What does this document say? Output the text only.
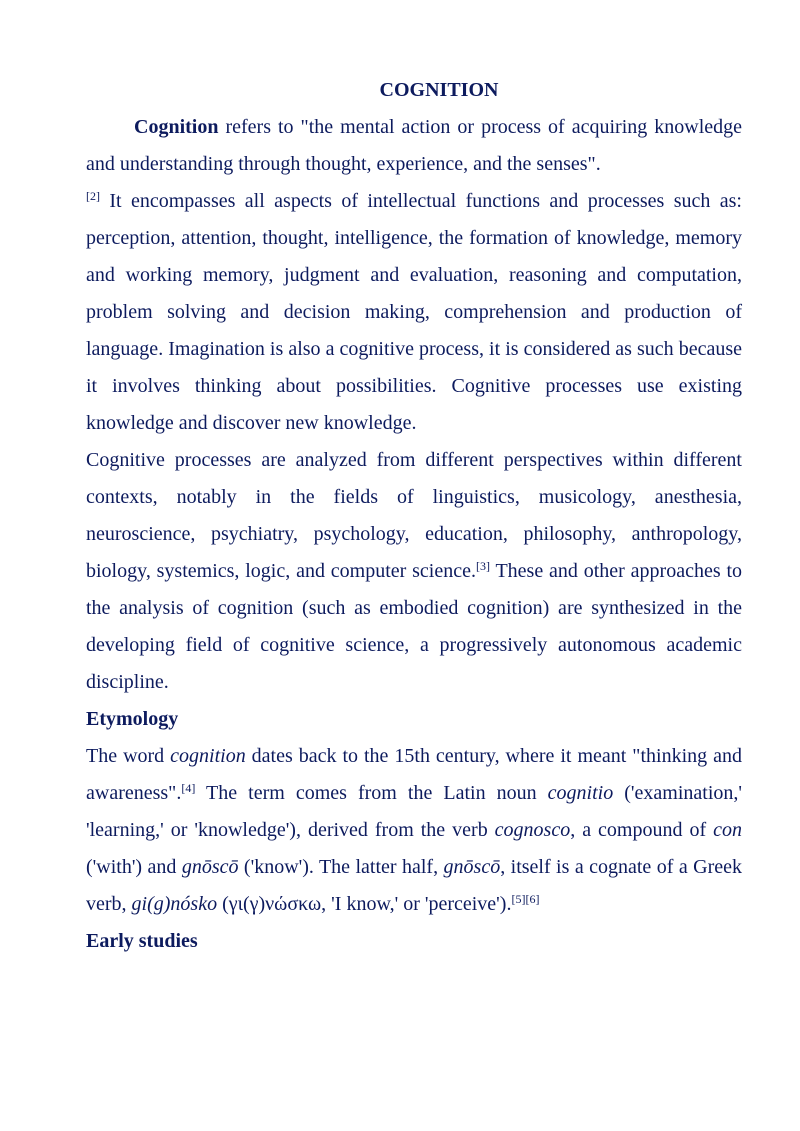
COGNITION

Cognition refers to "the mental action or process of acquiring knowledge and understanding through thought, experience, and the senses".
[2] It encompasses all aspects of intellectual functions and processes such as: perception, attention, thought, intelligence, the formation of knowledge, memory and working memory, judgment and evaluation, reasoning and computation, problem solving and decision making, comprehension and production of language. Imagination is also a cognitive process, it is considered as such because it involves thinking about possibilities. Cognitive processes use existing knowledge and discover new knowledge.

Cognitive processes are analyzed from different perspectives within different contexts, notably in the fields of linguistics, musicology, anesthesia, neuroscience, psychiatry, psychology, education, philosophy, anthropology, biology, systemics, logic, and computer science.[3] These and other approaches to the analysis of cognition (such as embodied cognition) are synthesized in the developing field of cognitive science, a progressively autonomous academic discipline.

Etymology

The word cognition dates back to the 15th century, where it meant "thinking and awareness".[4] The term comes from the Latin noun cognitio ('examination,' 'learning,' or 'knowledge'), derived from the verb cognosco, a compound of con ('with') and gnōscō ('know'). The latter half, gnōscō, itself is a cognate of a Greek verb, gi(g)nósko (γι(γ)νώσκω, 'I know,' or 'perceive').[5][6]

Early studies
